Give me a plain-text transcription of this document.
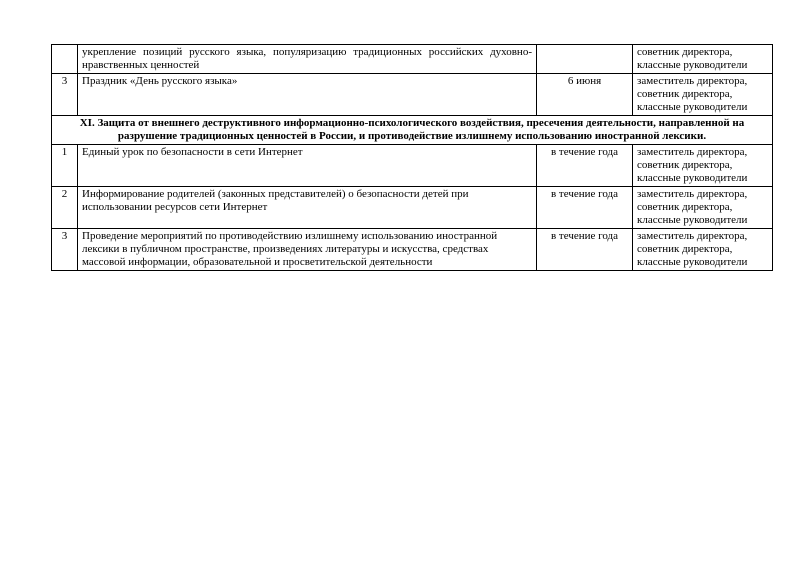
	укрепление позиций русского языка, популяризацию традиционных российских духовно-нравственных ценностей		советник директора, классные руководители
3	Праздник «День русского языка»	6 июня	заместитель директора, советник директора, классные руководители
XI. Защита от внешнего деструктивного информационно-психологического воздействия, пресечения деятельности, направленной на разрушение традиционных ценностей в России, и противодействие излишнему использованию иностранной лексики.			
1	Единый урок по безопасности в сети Интернет	в течение года	заместитель директора, советник директора, классные руководители
2	Информирование родителей (законных представителей) о безопасности детей при использовании ресурсов сети Интернет	в течение года	заместитель директора, советник директора, классные руководители
3	Проведение мероприятий по противодействию излишнему использованию иностранной лексики в публичном пространстве, произведениях литературы и искусства, средствах массовой информации, образовательной и просветительской деятельности	в течение года	заместитель директора, советник директора, классные руководители
